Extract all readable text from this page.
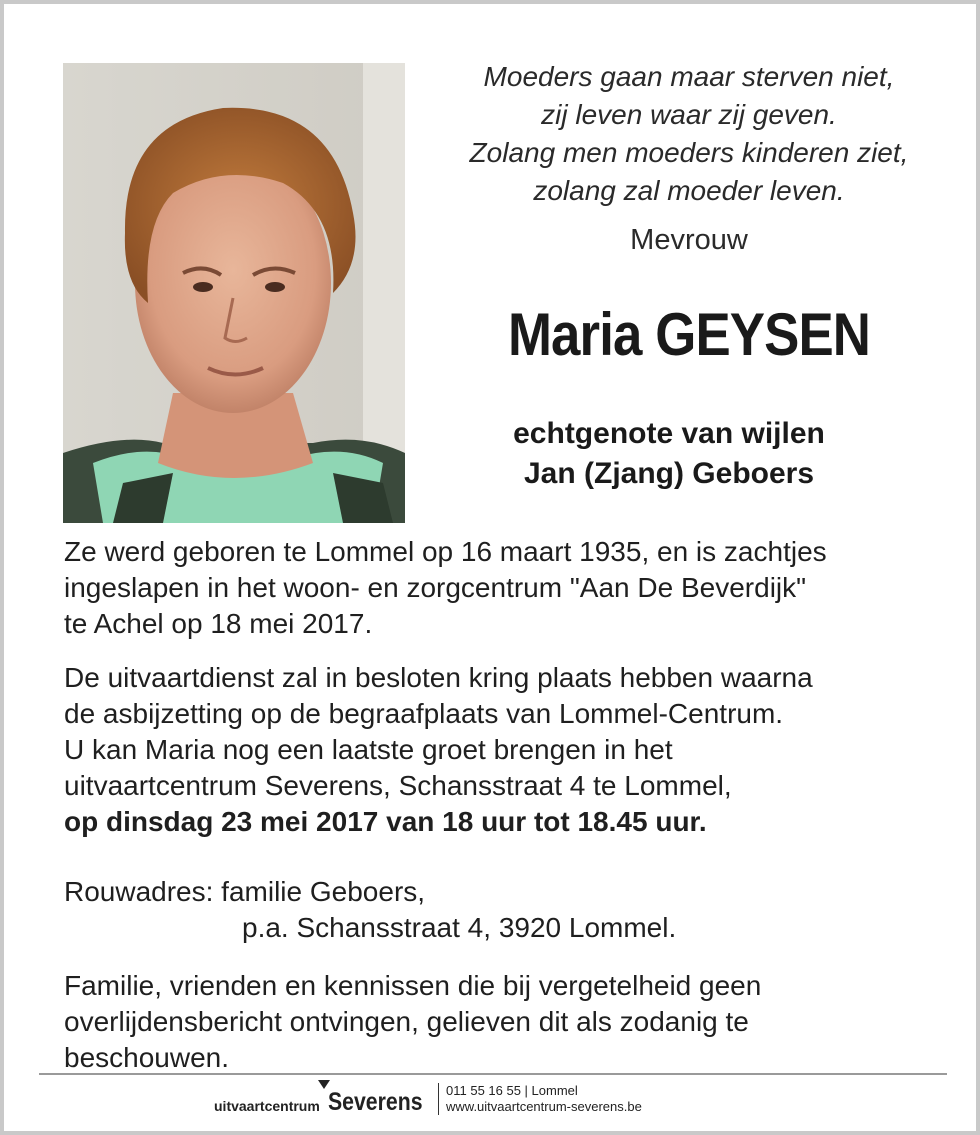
Moeders gaan maar sterven niet,
zij leven waar zij geven.
Zolang men moeders kinderen ziet,
zolang zal moeder leven.
Mevrouw
Maria GEYSEN
echtgenote van wijlen
Jan (Zjang) Geboers
Ze werd geboren te Lommel op 16 maart 1935, en is zachtjes
ingeslapen in het woon- en zorgcentrum "Aan De Beverdijk"
te Achel op 18 mei 2017.
De uitvaartdienst zal in besloten kring plaats hebben waarna
de asbijzetting op de begraafplaats van Lommel-Centrum.
U kan Maria nog een laatste groet brengen in het
uitvaartcentrum Severens, Schansstraat 4 te Lommel,
op dinsdag 23 mei 2017 van 18 uur tot 18.45 uur.
Rouwadres: familie Geboers,
p.a. Schansstraat 4, 3920 Lommel.
Familie, vrienden en kennissen die bij vergetelheid geen
overlijdensbericht ontvingen, gelieven dit als zodanig te
beschouwen.
uitvaartcentrum Severens 011 55 16 55 | Lommel
www.uitvaartcentrum-severens.be
